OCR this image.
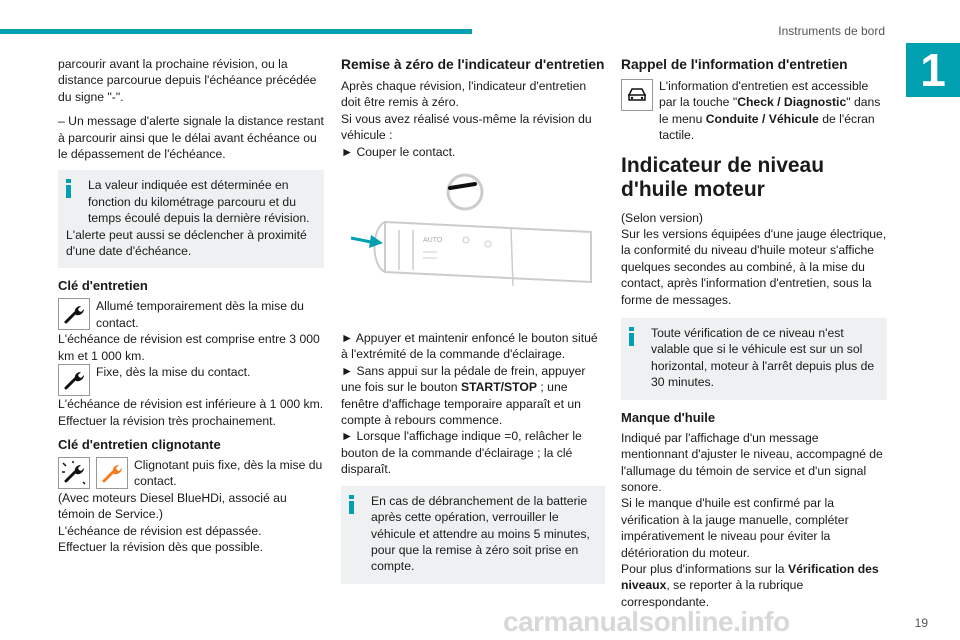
Instruments de bord
1

parcourir avant la prochaine révision, ou la distance parcourue depuis l'échéance précédée du signe "-".

– Un message d'alerte signale la distance restant à parcourir ainsi que le délai avant échéance ou le dépassement de l'échéance.

La valeur indiquée est déterminée en fonction du kilométrage parcouru et du temps écoulé depuis la dernière révision.

L'alerte peut aussi se déclencher à proximité d'une date d'échéance.

Clé d'entretien

Allumé temporairement dès la mise du contact.

L'échéance de révision est comprise entre 3 000 km et 1 000 km.

Fixe, dès la mise du contact.

L'échéance de révision est inférieure à 1 000 km.

Effectuer la révision très prochainement.

Clé d'entretien clignotante

Clignotant puis fixe, dès la mise du contact.

(Avec moteurs Diesel BlueHDi, associé au témoin de Service.)

L'échéance de révision est dépassée.

Effectuer la révision dès que possible.

Remise à zéro de l'indicateur d'entretien

Après chaque révision, l'indicateur d'entretien doit être remis à zéro.

Si vous avez réalisé vous-même la révision du véhicule :

► Couper le contact.

AUTO

► Appuyer et maintenir enfoncé le bouton situé à l'extrémité de la commande d'éclairage.

► Sans appui sur la pédale de frein, appuyer une fois sur le bouton START/STOP ; une fenêtre d'affichage temporaire apparaît et un compte à rebours commence.

► Lorsque l'affichage indique =0, relâcher le bouton de la commande d'éclairage ; la clé disparaît.

En cas de débranchement de la batterie après cette opération, verrouiller le véhicule et attendre au moins 5 minutes, pour que la remise à zéro soit prise en compte.

Rappel de l'information d'entretien

L'information d'entretien est accessible par la touche "Check / Diagnostic" dans le menu Conduite / Véhicule de l'écran tactile.

Indicateur de niveau d'huile moteur

(Selon version)

Sur les versions équipées d'une jauge électrique, la conformité du niveau d'huile moteur s'affiche quelques secondes au combiné, à la mise du contact, après l'information d'entretien, sous la forme de messages.

Toute vérification de ce niveau n'est valable que si le véhicule est sur un sol horizontal, moteur à l'arrêt depuis plus de 30 minutes.

Manque d'huile

Indiqué par l'affichage d'un message mentionnant d'ajuster le niveau, accompagné de l'allumage du témoin de service et d'un signal sonore.

Si le manque d'huile est confirmé par la vérification à la jauge manuelle, compléter impérativement le niveau pour éviter la détérioration du moteur.

Pour plus d'informations sur la Vérification des niveaux, se reporter à la rubrique correspondante.

carmanualsonline.info	19
